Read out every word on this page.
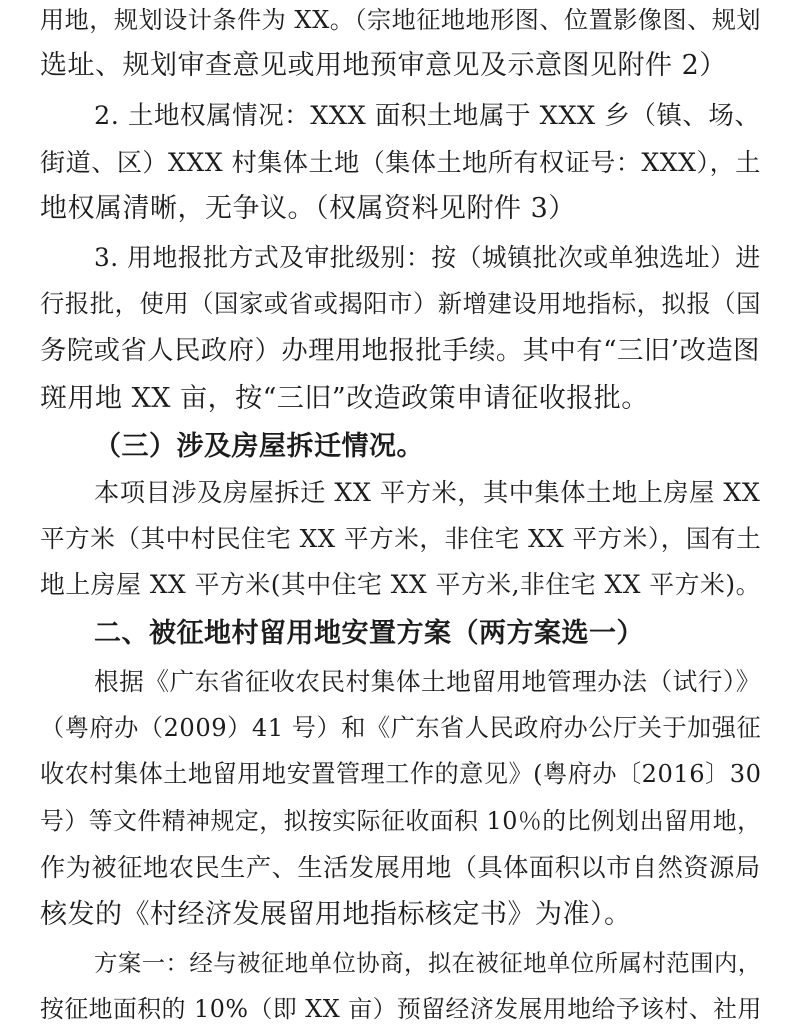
用地，规划设计条件为 XX。（宗地征地地形图、位置影像图、规划
选址、规划审查意见或用地预审意见及示意图见附件 2）
2. 土地权属情况：XXX 面积土地属于 XXX 乡（镇、场、
街道、区）XXX 村集体土地（集体土地所有权证号：XXX），土
地权属清晰，无争议。（权属资料见附件 3）
3. 用地报批方式及审批级别：按（城镇批次或单独选址）进
行报批，使用（国家或省或揭阳市）新增建设用地指标，拟报（国
务院或省人民政府）办理用地报批手续。其中有“三旧’改造图
斑用地 XX 亩，按“三旧”改造政策申请征收报批。
（三）涉及房屋拆迁情况。
本项目涉及房屋拆迁 XX 平方米，其中集体土地上房屋 XX
平方米（其中村民住宅 XX 平方米，非住宅 XX 平方米），国有土
地上房屋 XX 平方米(其中住宅 XX 平方米,非住宅 XX 平方米)。
二、被征地村留用地安置方案（两方案选一）
根据《广东省征收农民村集体土地留用地管理办法（试行）》
（粤府办（2009）41 号）和《广东省人民政府办公厅关于加强征
收农村集体土地留用地安置管理工作的意见》(粤府办〔2016〕30
号）等文件精神规定，拟按实际征收面积 10％的比例划出留用地，
作为被征地农民生产、生活发展用地（具体面积以市自然资源局
核发的《村经济发展留用地指标核定书》为准）。
方案一：经与被征地单位协商，拟在被征地单位所属村范围内，
按征地面积的 10%（即 XX 亩）预留经济发展用地给予该村、社用
